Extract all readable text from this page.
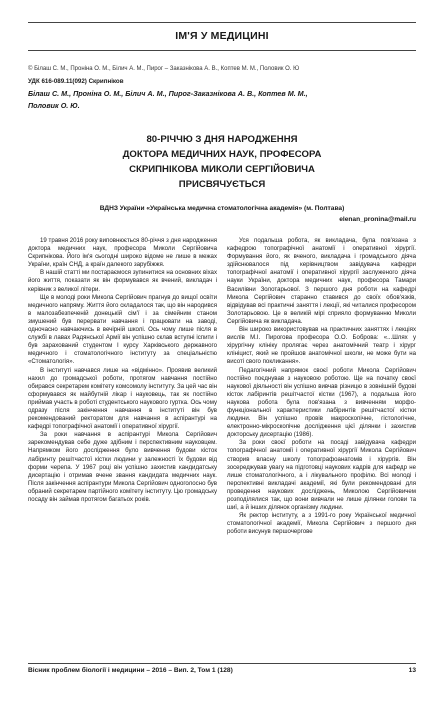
ІМ'Я У МЕДИЦИНІ
© Білаш С. М., Проніна О. М., Білич А. М., Пирог – Заказнікова А. В., Коптев М. М., Половик О. Ю
УДК 616-089.11(092) Скрипніков
Білаш С. М., Проніна О. М., Білич А. М., Пирог-Заказнікова А. В., Коптев М. М., Половик О. Ю.
80-РІЧЧЮ З ДНЯ НАРОДЖЕННЯ
ДОКТОРА МЕДИЧНИХ НАУК, ПРОФЕСОРА
СКРИПНІКОВА МИКОЛИ СЕРГІЙОВИЧА
ПРИСВЯЧУЄТЬСЯ
ВДНЗ України «Українська медична стоматологічна академія» (м. Полтава)
elenan_pronina@mail.ru

19 травня 2016 року виповнюється 80-річчя з дня народження доктора медичних наук, професора Миколи Сергійовича Скрипнікова. Його ім'я сьогодні широко відоме не лише в межах України, країн СНД, а країн далекого зарубіжжя.

В нашій статті ми постараємося зупинитися на основних віхах його життя, показати як він формувався як вчений, викладач і керівник з великої літери.

Ще в молоді роки Микола Сергійович прагнув до вищої освіти медичного напряму. Життя його складалося так, що він народився в малозабезпеченій донецькій сім'ї і за сімейним станом змушений був перервати навчання і працювати на заводі, одночасно навчаючись в вечірній школі. Ось чому лише після в службі в лавах Радянської Армії він успішно склав вступні іспити і був зарахований студентом І курсу Харківського державного медичного і стоматологічного інституту за спеціальністю «Стоматологія».

В інституті навчався лише на «відмінно». Проявив великий нахил до громадської роботи, протягом навчання постійно обирався секретарем комітету комсомолу інституту. За цей час він сформувався як майбутній лікар і науковець, так як постійно приймав участь в роботі студентського наукового гуртка. Ось чому одразу після закінчення навчання в інституті він був рекомендований ректоратом для навчання в аспірантурі на кафедрі топографічної анатомії і оперативної хірургії.

За роки навчання в аспірантурі Микола Сергійович зарекомендував себе дуже здібним і перспективним науковцем. Напрямком його дослідження було вивчення будови кісток лабіринту решітчастої кістки людини у залежності їх будови від форми черепа. У 1967 році він успішно захистив кандидатську дисертацію і отримав вчене звання кандидата медичних наук. Після закінчення аспірантури Микола Сергійович одноголосно був обраний секретарем партійного комітету інституту. Цю громадську посаду він займав протягом багатьох років.

Уся подальша робота, як викладача, була пов'язана з кафедрою топографічної анатомії і оперативної хірургії. Формування його, як вченого, викладача і громадського діяча здійснювалося під керівництвом завідувача кафедри топографічної анатомії і оперативної хірургії заслуженого діяча науки України, доктора медичних наук, професора Тамари Василівни Золотарьової. З першого дня роботи на кафедрі Микола Сергійович старанно ставився до своїх обов'язків, відвідував всі практичні заняття і лекції, які читалися професором Золотарьовою. Це в великій мірі сприяло формуванню Миколи Сергійовича як викладача.

Він широко використовував на практичних заняттях і лекціях вислів М.І. Пирогова професора О.О. Боброва: «...Шлях у хірургічну клініку пролягає через анатомічний театр і хірург клініцист, який не пройшов анатомічної школи, не може бути на висоті свого покликання».

Педагогічний напрямок своєї роботи Микола Сергійович постійно поєднував з науковою роботою. Ще на початку своєї наукової діяльності він успішно вивчав різницю в зовнішній будові кісток лабіринтів решітчастої кістки (1967), а подальша його наукова робота була пов'язана з вивченням морфо-функціональної характеристики лабіринтів решітчастої кістки людини. Він успішно провів макроскопічне, гістологічне, електронно-мікроскопічне дослідження цієї ділянки і захистив докторську дисертацію (1986).

За роки своєї роботи на посаді завідувача кафедри топографічної анатомії і оперативної хірургії Микола Сергійович створив власну школу топографоанатомів і хірургів. Він зосереджував увагу на підготовці наукових кадрів для кафедр не лише стоматологічного, а і лікувального профілю. Всі молоді і перспективні викладачі академії, які були рекомендовані для проведення наукових досліджень, Миколою Сергійовичем розподілялися так, що вони вивчали не лише ділянки голови та шиї, а й інших ділянок організму людини.

Як ректор інституту, а з 1991-го року Української медичної стоматологічної академії, Микола Сергійович з першого дня роботи висунув першочергове

Вісник проблем біології і медицини – 2016 – Вип. 2, Том 1 (128)	13
